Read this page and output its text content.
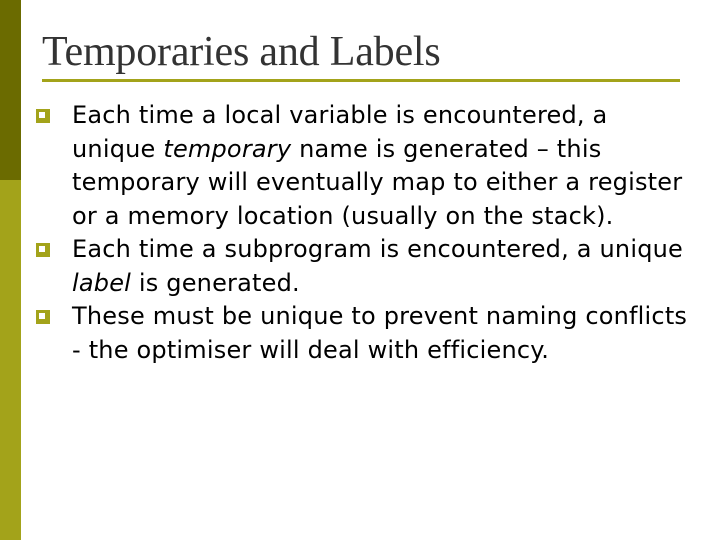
Temporaries and Labels
Each time a local variable is encountered, a unique temporary name is generated – this temporary will eventually map to either a register or a memory location (usually on the stack).
Each time a subprogram is encountered, a unique label is generated.
These must be unique to prevent naming conflicts - the optimiser will deal with efficiency.
